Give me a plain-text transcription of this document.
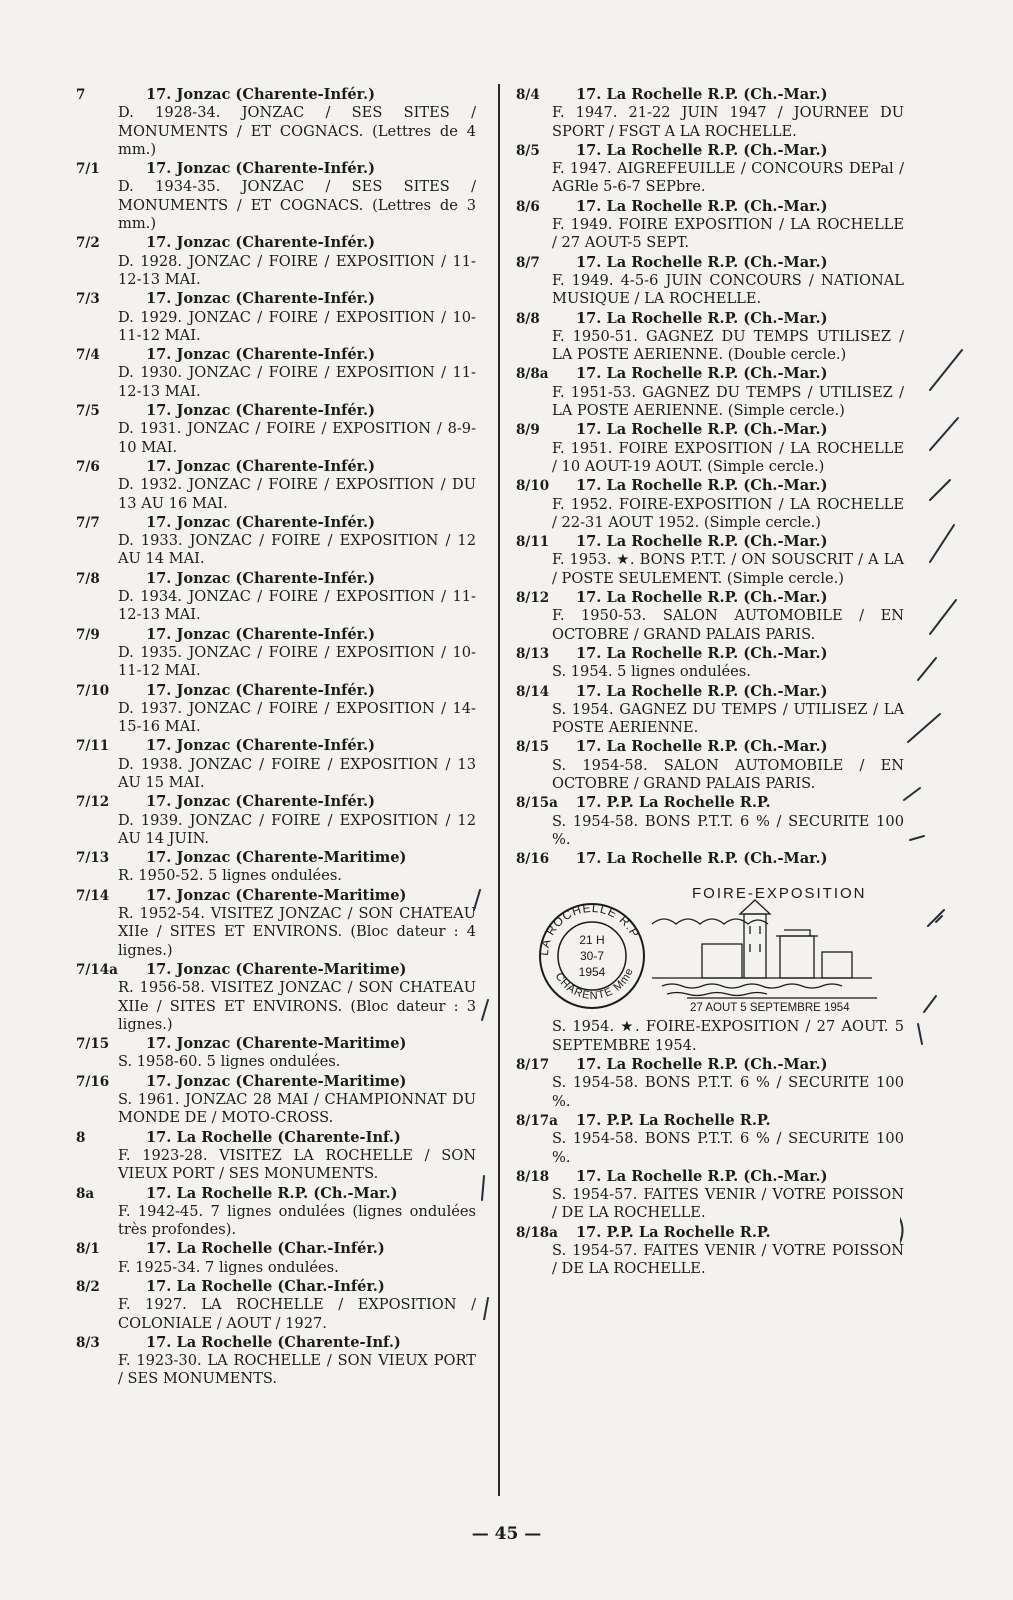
7	17. Jonzac (Charente-Infér.)
D. 1928-34. JONZAC / SES SITES / MONUMENTS / ET COGNACS. (Lettres de 4 mm.)
7/1	17. Jonzac (Charente-Infér.)
D. 1934-35. JONZAC / SES SITES / MONUMENTS / ET COGNACS. (Lettres de 3 mm.)
7/2	17. Jonzac (Charente-Infér.)
D. 1928. JONZAC / FOIRE / EXPOSITION / 11-12-13 MAI.
7/3	17. Jonzac (Charente-Infér.)
D. 1929. JONZAC / FOIRE / EXPOSITION / 10-11-12 MAI.
7/4	17. Jonzac (Charente-Infér.)
D. 1930. JONZAC / FOIRE / EXPOSITION / 11-12-13 MAI.
7/5	17. Jonzac (Charente-Infér.)
D. 1931. JONZAC / FOIRE / EXPOSITION / 8-9-10 MAI.
7/6	17. Jonzac (Charente-Infér.)
D. 1932. JONZAC / FOIRE / EXPOSITION / DU 13 AU 16 MAI.
7/7	17. Jonzac (Charente-Infér.)
D. 1933. JONZAC / FOIRE / EXPOSITION / 12 AU 14 MAI.
7/8	17. Jonzac (Charente-Infér.)
D. 1934. JONZAC / FOIRE / EXPOSITION / 11-12-13 MAI.
7/9	17. Jonzac (Charente-Infér.)
D. 1935. JONZAC / FOIRE / EXPOSITION / 10-11-12 MAI.
7/10	17. Jonzac (Charente-Infér.)
D. 1937. JONZAC / FOIRE / EXPOSITION / 14-15-16 MAI.
7/11	17. Jonzac (Charente-Infér.)
D. 1938. JONZAC / FOIRE / EXPOSITION / 13 AU 15 MAI.
7/12	17. Jonzac (Charente-Infér.)
D. 1939. JONZAC / FOIRE / EXPOSITION / 12 AU 14 JUIN.
7/13	17. Jonzac (Charente-Maritime)
R. 1950-52. 5 lignes ondulées.
7/14	17. Jonzac (Charente-Maritime)
R. 1952-54. VISITEZ JONZAC / SON CHATEAU XIIe / SITES ET ENVIRONS. (Bloc dateur : 4 lignes.)
7/14a	17. Jonzac (Charente-Maritime)
R. 1956-58. VISITEZ JONZAC / SON CHATEAU XIIe / SITES ET ENVIRONS. (Bloc dateur : 3 lignes.)
7/15	17. Jonzac (Charente-Maritime)
S. 1958-60. 5 lignes ondulées.
7/16	17. Jonzac (Charente-Maritime)
S. 1961. JONZAC 28 MAI / CHAMPIONNAT DU MONDE DE / MOTO-CROSS.
8	17. La Rochelle (Charente-Inf.)
F. 1923-28. VISITEZ LA ROCHELLE / SON VIEUX PORT / SES MONUMENTS.
8a	17. La Rochelle R.P. (Ch.-Mar.)
F. 1942-45. 7 lignes ondulées (lignes ondulées très profondes).
8/1	17. La Rochelle (Char.-Infér.)
F. 1925-34. 7 lignes ondulées.
8/2	17. La Rochelle (Char.-Infér.)
F. 1927. LA ROCHELLE / EXPOSITION / COLONIALE / AOUT / 1927.
8/3	17. La Rochelle (Charente-Inf.)
F. 1923-30. LA ROCHELLE / SON VIEUX PORT / SES MONUMENTS.
8/4	17. La Rochelle R.P. (Ch.-Mar.)
F. 1947. 21-22 JUIN 1947 / JOURNEE DU SPORT / FSGT A LA ROCHELLE.
8/5	17. La Rochelle R.P. (Ch.-Mar.)
F. 1947. AIGREFEUILLE / CONCOURS DEPal / AGRle 5-6-7 SEPbre.
8/6	17. La Rochelle R.P. (Ch.-Mar.)
F. 1949. FOIRE EXPOSITION / LA ROCHELLE / 27 AOUT-5 SEPT.
8/7	17. La Rochelle R.P. (Ch.-Mar.)
F. 1949. 4-5-6 JUIN CONCOURS / NATIONAL MUSIQUE / LA ROCHELLE.
8/8	17. La Rochelle R.P. (Ch.-Mar.)
F. 1950-51. GAGNEZ DU TEMPS UTILISEZ / LA POSTE AERIENNE. (Double cercle.)
8/8a	17. La Rochelle R.P. (Ch.-Mar.)
F. 1951-53. GAGNEZ DU TEMPS / UTILISEZ / LA POSTE AERIENNE. (Simple cercle.)
8/9	17. La Rochelle R.P. (Ch.-Mar.)
F. 1951. FOIRE EXPOSITION / LA ROCHELLE / 10 AOUT-19 AOUT. (Simple cercle.)
8/10	17. La Rochelle R.P. (Ch.-Mar.)
F. 1952. FOIRE-EXPOSITION / LA ROCHELLE / 22-31 AOUT 1952. (Simple cercle.)
8/11	17. La Rochelle R.P. (Ch.-Mar.)
F. 1953. ★. BONS P.T.T. / ON SOUSCRIT / A LA / POSTE SEULEMENT. (Simple cercle.)
8/12	17. La Rochelle R.P. (Ch.-Mar.)
F. 1950-53. SALON AUTOMOBILE / EN OCTOBRE / GRAND PALAIS PARIS.
8/13	17. La Rochelle R.P. (Ch.-Mar.)
S. 1954. 5 lignes ondulées.
8/14	17. La Rochelle R.P. (Ch.-Mar.)
S. 1954. GAGNEZ DU TEMPS / UTILISEZ / LA POSTE AERIENNE.
8/15	17. La Rochelle R.P. (Ch.-Mar.)
S. 1954-58. SALON AUTOMOBILE / EN OCTOBRE / GRAND PALAIS PARIS.
8/15a	17. P.P. La Rochelle R.P.
S. 1954-58. BONS P.T.T. 6 % / SECURITE 100 %.
8/16	17. La Rochelle R.P. (Ch.-Mar.)
FOIRE-EXPOSITION
LA ROCHELLE R.P
CHARENTE Mme
21 H
30-7
1954
27 AOUT 5 SEPTEMBRE 1954
S. 1954. ★. FOIRE-EXPOSITION / 27 AOUT. 5 SEPTEMBRE 1954.
8/17	17. La Rochelle R.P. (Ch.-Mar.)
S. 1954-58. BONS P.T.T. 6 % / SECURITE 100 %.
8/17a	17. P.P. La Rochelle R.P.
S. 1954-58. BONS P.T.T. 6 % / SECURITE 100 %.
8/18	17. La Rochelle R.P. (Ch.-Mar.)
S. 1954-57. FAITES VENIR / VOTRE POISSON / DE LA ROCHELLE.
8/18a	17. P.P. La Rochelle R.P.
S. 1954-57. FAITES VENIR / VOTRE POISSON / DE LA ROCHELLE.
— 45 —
